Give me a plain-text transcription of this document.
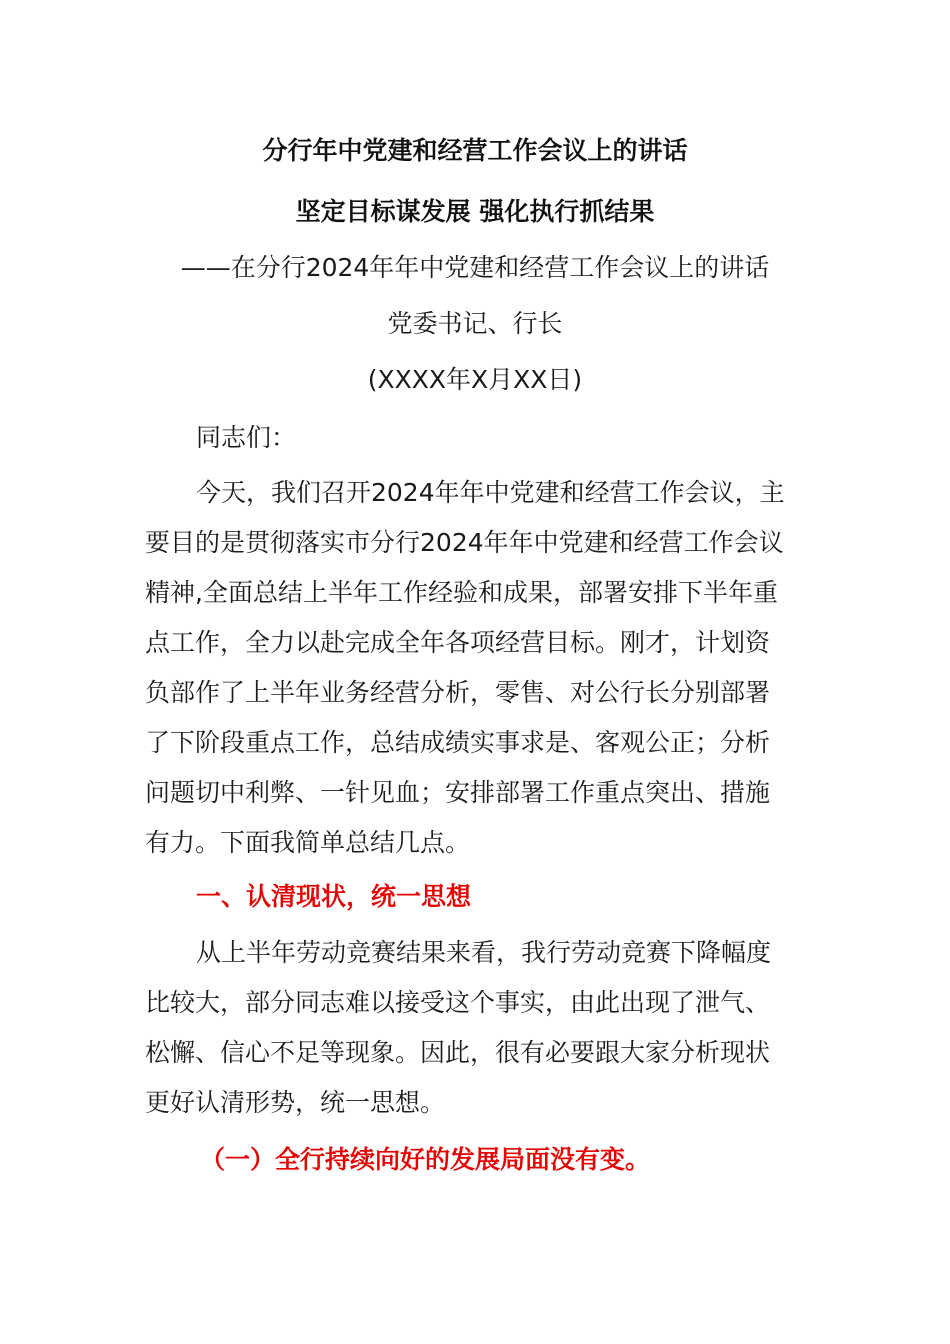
分行年中党建和经营工作会议上的讲话
坚定目标谋发展 强化执行抓结果
——在分行2024年年中党建和经营工作会议上的讲话
党委书记、行长
(XXXX年X月XX日)
同志们：
今天，我们召开2024年年中党建和经营工作会议，主
要目的是贯彻落实市分行2024年年中党建和经营工作会议
精神,全面总结上半年工作经验和成果，部署安排下半年重
点工作，全力以赴完成全年各项经营目标。刚才，计划资
负部作了上半年业务经营分析，零售、对公行长分别部署
了下阶段重点工作，总结成绩实事求是、客观公正；分析
问题切中利弊、一针见血；安排部署工作重点突出、措施
有力。下面我简单总结几点。
一、认清现状，统一思想
从上半年劳动竞赛结果来看，我行劳动竞赛下降幅度
比较大，部分同志难以接受这个事实，由此出现了泄气、
松懈、信心不足等现象。因此，很有必要跟大家分析现状
更好认清形势，统一思想。
（一）全行持续向好的发展局面没有变。
